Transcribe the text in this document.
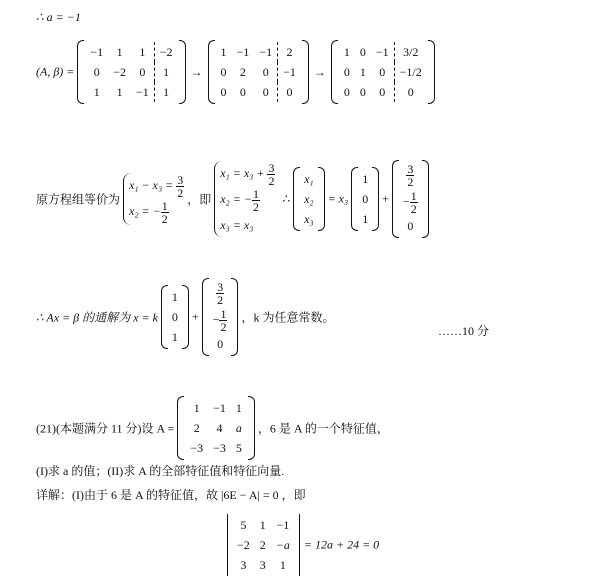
∴ a = −1
(A, β) =
−1	1	1	−2
0	−2	0	1
1	1	−1	1
→
1	−1	−1	2
0	2	0	−1
0	0	0	0
→
1	0	−1	3/2
0	1	0	−1/2
0	0	0	0
原方程组等价为
$x_1 - x_3 = \frac{3}{2}$
x₂ = − $\frac{1}{2}$
，即
$x_1 = x_3 + \frac{3}{2}$
x₂ = − $\frac{1}{2}$
x₃ = x₃
∴
x₁
x₂
x₃
= x₃
1
0
1
+
$\frac{3}{2}$

− $\frac{1}{2}$

0
∴ Ax = β 的通解为 x = k
1
0
1
+
$\frac{3}{2}$

− $\frac{1}{2}$

0
，k 为任意常数。
……10 分
(21)(本题满分 11 分)设 A =
1	−1	1
2	4	a
−3	−3	5
，6 是 A 的一个特征值，
(I)求 a 的值；(II)求 A 的全部特征值和特征向量.
详解：(I)由于 6 是 A 的特征值，故 |6E − A| = 0 ，即
5	1	−1
−2	2	−a
3	3	1
= 12a + 24 = 0
